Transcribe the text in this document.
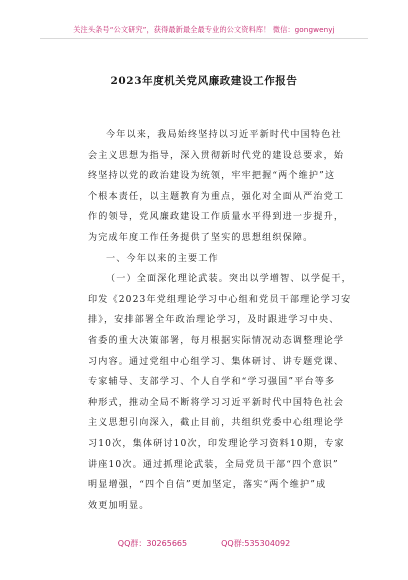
关注头条号“公文研究”，获得最新最全最专业的公文资料库！ 微信：gongwenyj
2023年度机关党风廉政建设工作报告

今年以来，我局始终坚持以习近平新时代中国特色社

会主义思想为指导，深入贯彻新时代党的建设总要求，始

终坚持以党的政治建设为统领，牢牢把握“两个维护”这

个根本责任，以主题教育为重点，强化对全面从严治党工

作的领导，党风廉政建设工作质量水平得到进一步提升，

为完成年度工作任务提供了坚实的思想组织保障。

一、今年以来的主要工作

（一）全面深化理论武装。突出以学增智、以学促干，

印发《2023年党组理论学习中心组和党员干部理论学习安

排》，安排部署全年政治理论学习，及时跟进学习中央、

省委的重大决策部署，每月根据实际情况动态调整理论学

习内容。通过党组中心组学习、集体研讨、讲专题党课、

专家辅导、支部学习、个人自学和“学习强国”平台等多

种形式，推动全局不断将学习习近平新时代中国特色社会

主义思想引向深入，截止目前，共组织党委中心组理论学

习10次，集体研讨10次，印发理论学习资料10期，专家

讲座10次。通过抓理论武装，全局党员干部“四个意识”

明显增强，“四个自信”更加坚定，落实“两个维护”成

效更加明显。

QQ群：30265665	QQ群:535304092
